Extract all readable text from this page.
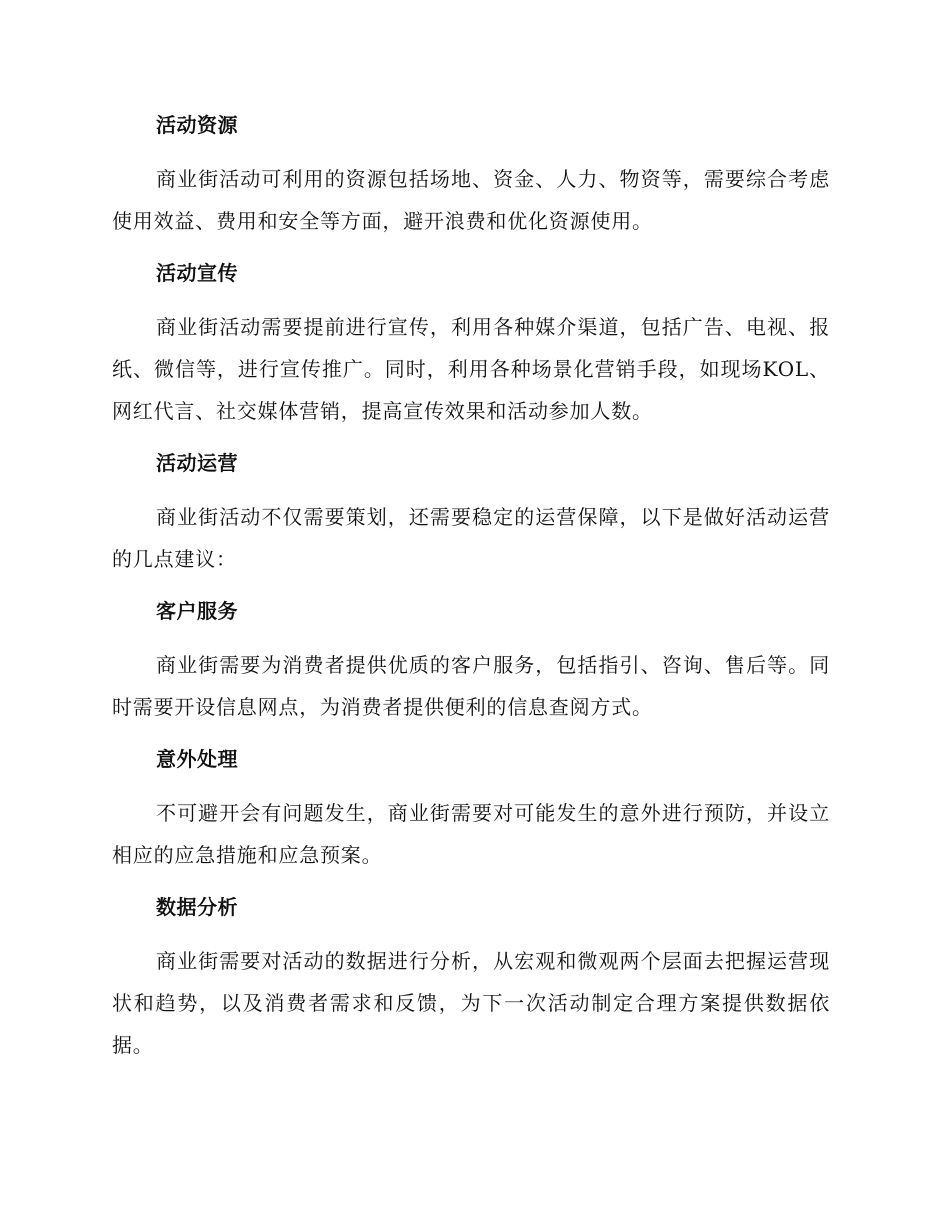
活动资源

商业街活动可利用的资源包括场地、资金、人力、物资等，需要综合考虑使用效益、费用和安全等方面，避开浪费和优化资源使用。

活动宣传

商业街活动需要提前进行宣传，利用各种媒介渠道，包括广告、电视、报纸、微信等，进行宣传推广。同时，利用各种场景化营销手段，如现场KOL、网红代言、社交媒体营销，提高宣传效果和活动参加人数。

活动运营

商业街活动不仅需要策划，还需要稳定的运营保障，以下是做好活动运营的几点建议：

客户服务

商业街需要为消费者提供优质的客户服务，包括指引、咨询、售后等。同时需要开设信息网点，为消费者提供便利的信息查阅方式。

意外处理

不可避开会有问题发生，商业街需要对可能发生的意外进行预防，并设立相应的应急措施和应急预案。

数据分析

商业街需要对活动的数据进行分析，从宏观和微观两个层面去把握运营现状和趋势，以及消费者需求和反馈，为下一次活动制定合理方案提供数据依据。
